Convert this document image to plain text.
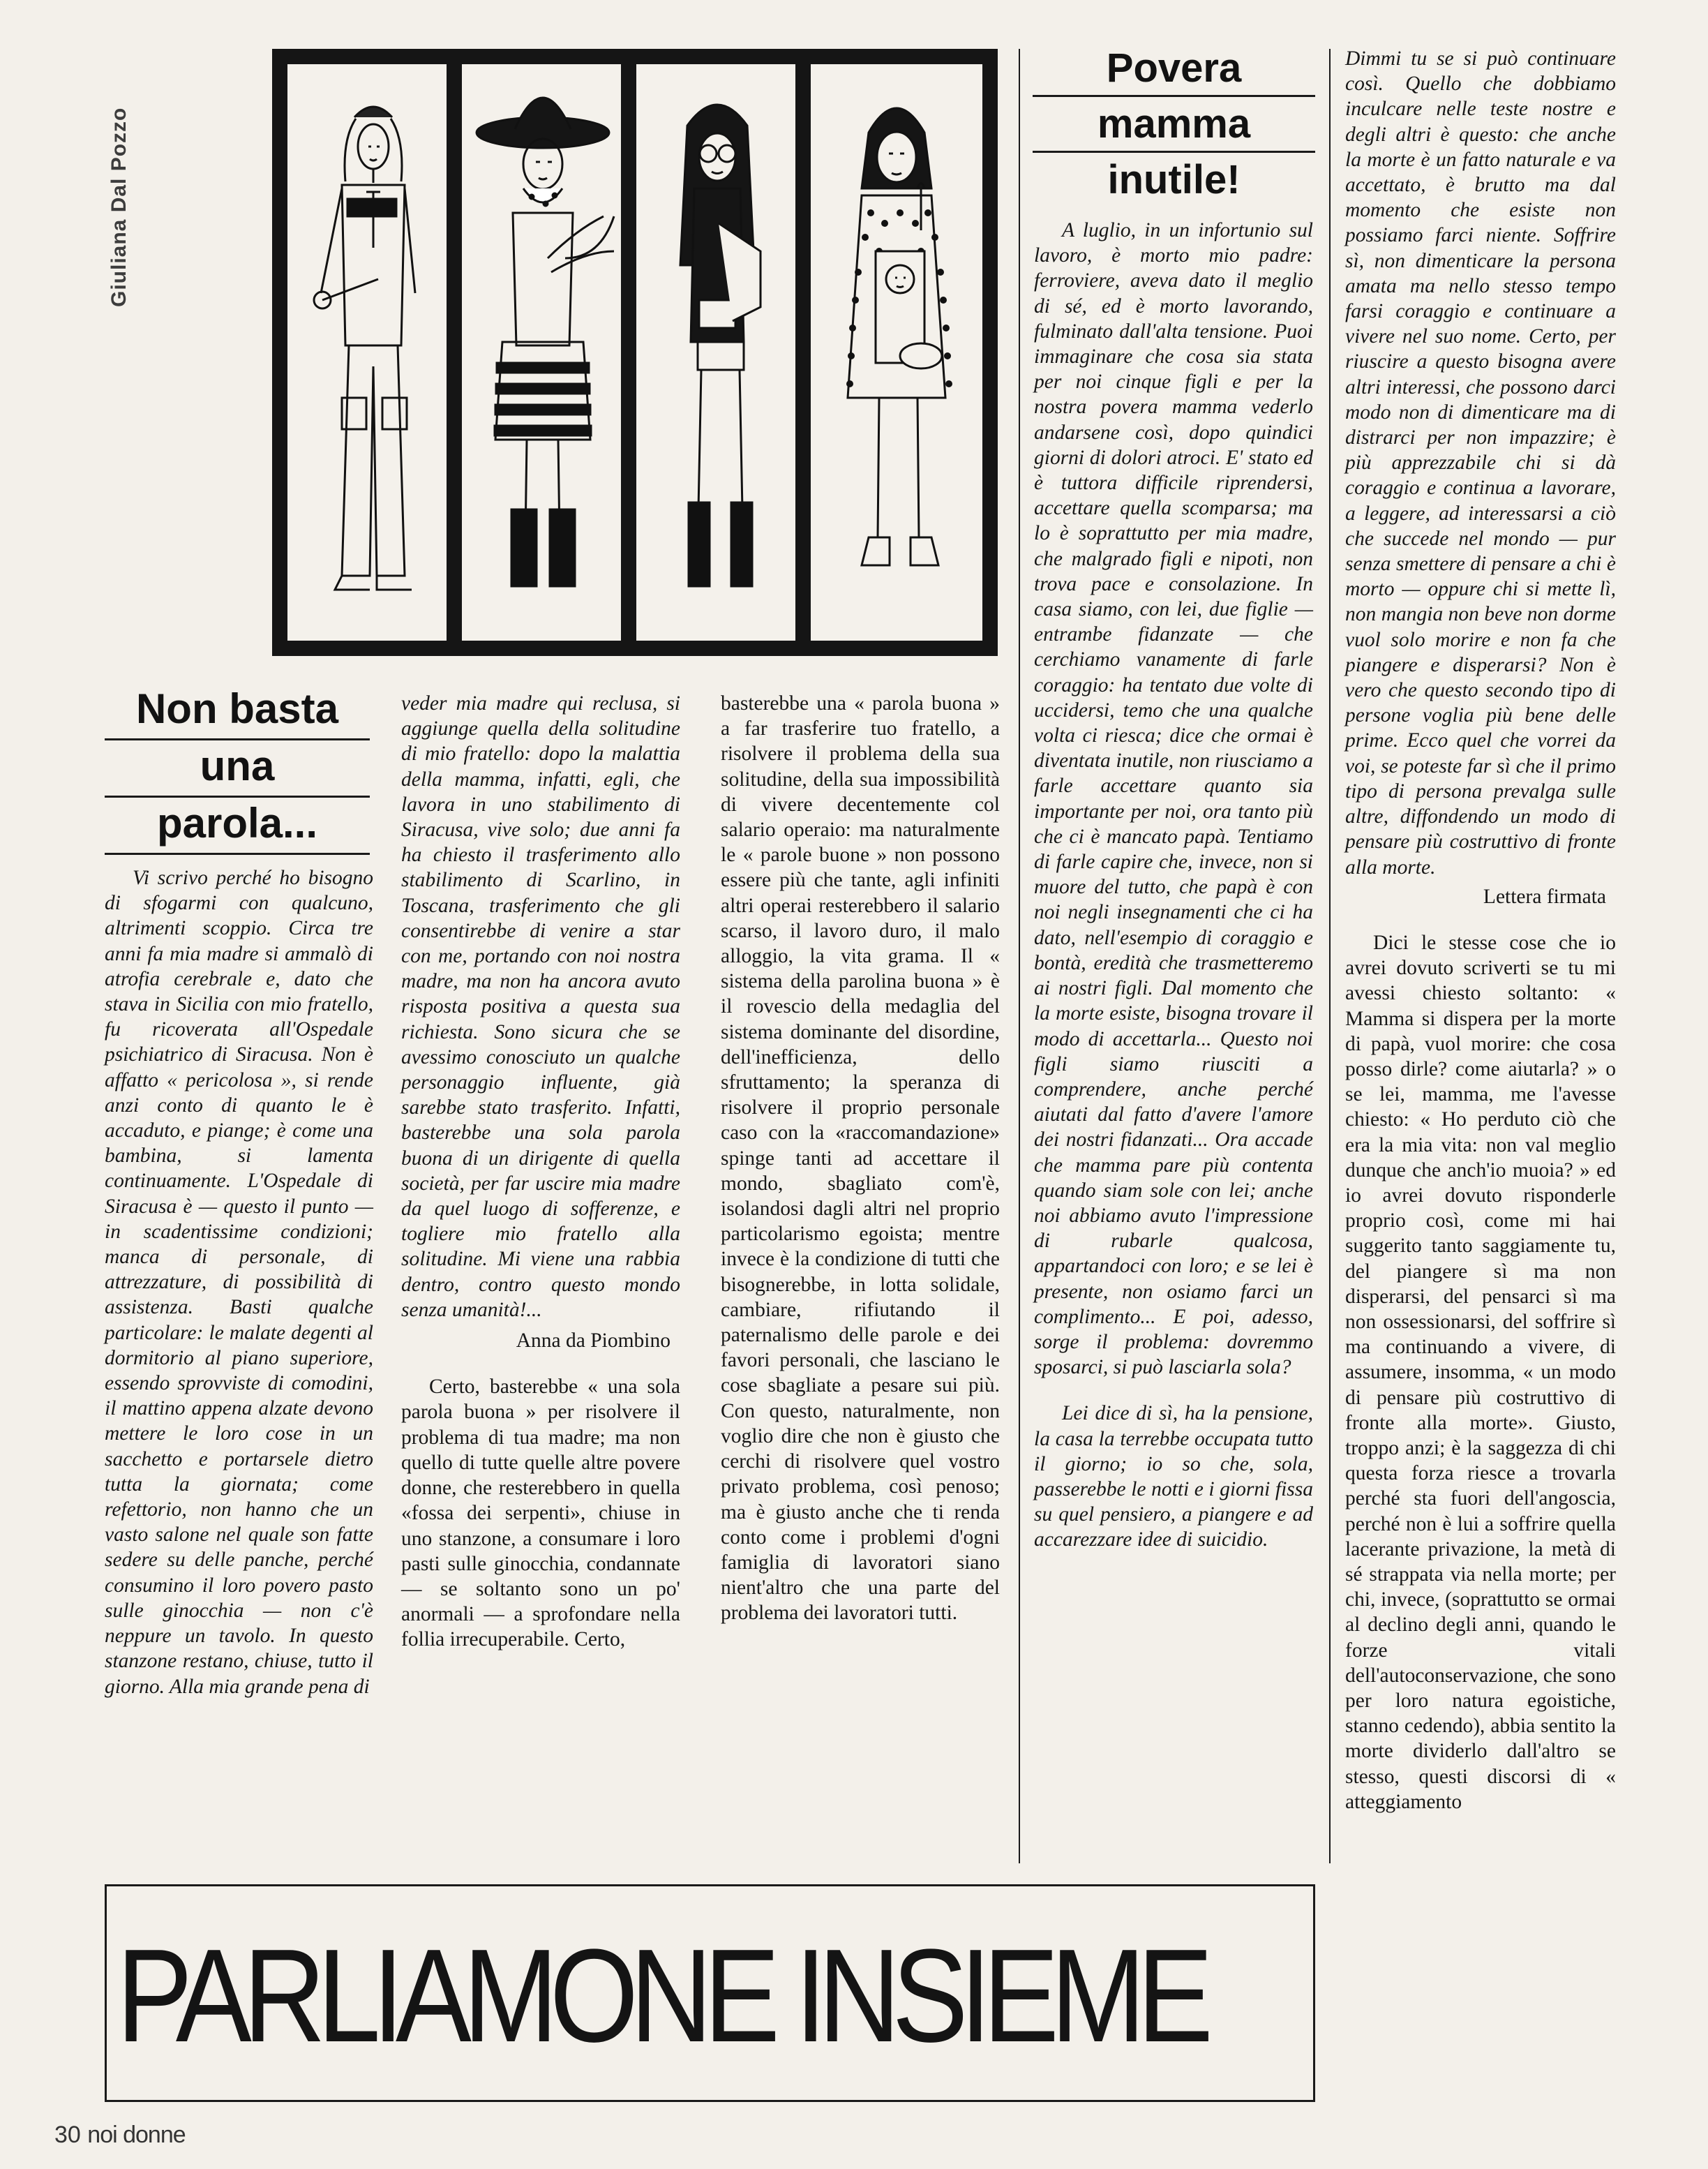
Giuliana Dal Pozzo
Non basta
una
parola...

Vi scrivo perché ho bisogno di sfogarmi con qualcuno, altrimenti scoppio. Circa tre anni fa mia madre si ammalò di atrofia cerebrale e, dato che stava in Sicilia con mio fratello, fu ricoverata all'Ospedale psichiatrico di Siracusa. Non è affatto « pericolosa », si rende anzi conto di quanto le è accaduto, e piange; è come una bambina, si lamenta continuamente. L'Ospedale di Siracusa è — questo il punto — in scadentissime condizioni; manca di personale, di attrezzature, di possibilità di assistenza. Basti qualche particolare: le malate degenti al dormitorio al piano superiore, essendo sprovviste di comodini, il mattino appena alzate devono mettere le loro cose in un sacchetto e portarsele dietro tutta la giornata; come refettorio, non hanno che un vasto salone nel quale son fatte sedere su delle panche, perché consumino il loro povero pasto sulle ginocchia — non c'è neppure un tavolo. In questo stanzone restano, chiuse, tutto il giorno. Alla mia grande pena di

veder mia madre qui reclusa, si aggiunge quella della solitudine di mio fratello: dopo la malattia della mamma, infatti, egli, che lavora in uno stabilimento di Siracusa, vive solo; due anni fa ha chiesto il trasferimento allo stabilimento di Scarlino, in Toscana, trasferimento che gli consentirebbe di venire a star con me, portando con noi nostra madre, ma non ha ancora avuto risposta positiva a questa sua richiesta. Sono sicura che se avessimo conosciuto un qualche personaggio influente, già sarebbe stato trasferito. Infatti, basterebbe una sola parola buona di un dirigente di quella società, per far uscire mia madre da quel luogo di sofferenze, e togliere mio fratello alla solitudine. Mi viene una rabbia dentro, contro questo mondo senza umanità!...

Anna da Piombino

Certo, basterebbe « una sola parola buona » per risolvere il problema di tua madre; ma non quello di tutte quelle altre povere donne, che resterebbero in quella «fossa dei serpenti», chiuse in uno stanzone, a consumare i loro pasti sulle ginocchia, condannate — se soltanto sono un po' anormali — a sprofondare nella follia irrecuperabile. Certo,

basterebbe una « parola buona » a far trasferire tuo fratello, a risolvere il problema della sua solitudine, della sua impossibilità di vivere decentemente col salario operaio: ma naturalmente le « parole buone » non possono essere più che tante, agli infiniti altri operai resterebbero il salario scarso, il lavoro duro, il malo alloggio, la vita grama. Il « sistema della parolina buona » è il rovescio della medaglia del sistema dominante del disordine, dell'inefficienza, dello sfruttamento; la speranza di risolvere il proprio personale caso con la «raccomandazione» spinge tanti ad accettare il mondo, sbagliato com'è, isolandosi dagli altri nel proprio particolarismo egoista; mentre invece è la condizione di tutti che bisognerebbe, in lotta solidale, cambiare, rifiutando il paternalismo delle parole e dei favori personali, che lasciano le cose sbagliate a pesare sui più. Con questo, naturalmente, non voglio dire che non è giusto che cerchi di risolvere quel vostro privato problema, così penoso; ma è giusto anche che ti renda conto come i problemi d'ogni famiglia di lavoratori siano nient'altro che una parte del problema dei lavoratori tutti.

Povera
mamma
inutile!

A luglio, in un infortunio sul lavoro, è morto mio padre: ferroviere, aveva dato il meglio di sé, ed è morto lavorando, fulminato dall'alta tensione. Puoi immaginare che cosa sia stata per noi cinque figli e per la nostra povera mamma vederlo andarsene così, dopo quindici giorni di dolori atroci. E' stato ed è tuttora difficile riprendersi, accettare quella scomparsa; ma lo è soprattutto per mia madre, che malgrado figli e nipoti, non trova pace e consolazione. In casa siamo, con lei, due figlie — entrambe fidanzate — che cerchiamo vanamente di farle coraggio: ha tentato due volte di uccidersi, temo che una qualche volta ci riesca; dice che ormai è diventata inutile, non riusciamo a farle accettare quanto sia importante per noi, ora tanto più che ci è mancato papà. Tentiamo di farle capire che, invece, non si muore del tutto, che papà è con noi negli insegnamenti che ci ha dato, nell'esempio di coraggio e bontà, eredità che trasmetteremo ai nostri figli. Dal momento che la morte esiste, bisogna trovare il modo di accettarla... Questo noi figli siamo riusciti a comprendere, anche perché aiutati dal fatto d'avere l'amore dei nostri fidanzati... Ora accade che mamma pare più contenta quando siam sole con lei; anche noi abbiamo avuto l'impressione di rubarle qualcosa, appartandoci con loro; e se lei è presente, non osiamo farci un complimento... E poi, adesso, sorge il problema: dovremmo sposarci, si può lasciarla sola?

Lei dice di sì, ha la pensione, la casa la terrebbe occupata tutto il giorno; io so che, sola, passerebbe le notti e i giorni fissa su quel pensiero, a piangere e ad accarezzare idee di suicidio.

Dimmi tu se si può continuare così. Quello che dobbiamo inculcare nelle teste nostre e degli altri è questo: che anche la morte è un fatto naturale e va accettato, è brutto ma dal momento che esiste non possiamo farci niente. Soffrire sì, non dimenticare la persona amata ma nello stesso tempo farsi coraggio e continuare a vivere nel suo nome. Certo, per riuscire a questo bisogna avere altri interessi, che possono darci modo non di dimenticare ma di distrarci per non impazzire; è più apprezzabile chi si dà coraggio e continua a lavorare, a leggere, ad interessarsi a ciò che succede nel mondo — pur senza smettere di pensare a chi è morto — oppure chi si mette lì, non mangia non beve non dorme vuol solo morire e non fa che piangere e disperarsi? Non è vero che questo secondo tipo di persone voglia più bene delle prime. Ecco quel che vorrei da voi, se poteste far sì che il primo tipo di persona prevalga sulle altre, diffondendo un modo di pensare più costruttivo di fronte alla morte.

Lettera firmata

Dici le stesse cose che io avrei dovuto scriverti se tu mi avessi chiesto soltanto: « Mamma si dispera per la morte di papà, vuol morire: che cosa posso dirle? come aiutarla? » o se lei, mamma, me l'avesse chiesto: « Ho perduto ciò che era la mia vita: non val meglio dunque che anch'io muoia? » ed io avrei dovuto risponderle proprio così, come mi hai suggerito tanto saggiamente tu, del piangere sì ma non disperarsi, del pensarci sì ma non ossessionarsi, del soffrire sì ma continuando a vivere, di assumere, insomma, « un modo di pensare più costruttivo di fronte alla morte». Giusto, troppo anzi; è la saggezza di chi questa forza riesce a trovarla perché sta fuori dell'angoscia, perché non è lui a soffrire quella lacerante privazione, la metà di sé strappata via nella morte; per chi, invece, (soprattutto se ormai al declino degli anni, quando le forze vitali dell'autoconservazione, che sono per loro natura egoistiche, stanno cedendo), abbia sentito la morte dividerlo dall'altro se stesso, questi discorsi di « atteggiamento

PARLIAMONE INSIEME
30 noi donne
